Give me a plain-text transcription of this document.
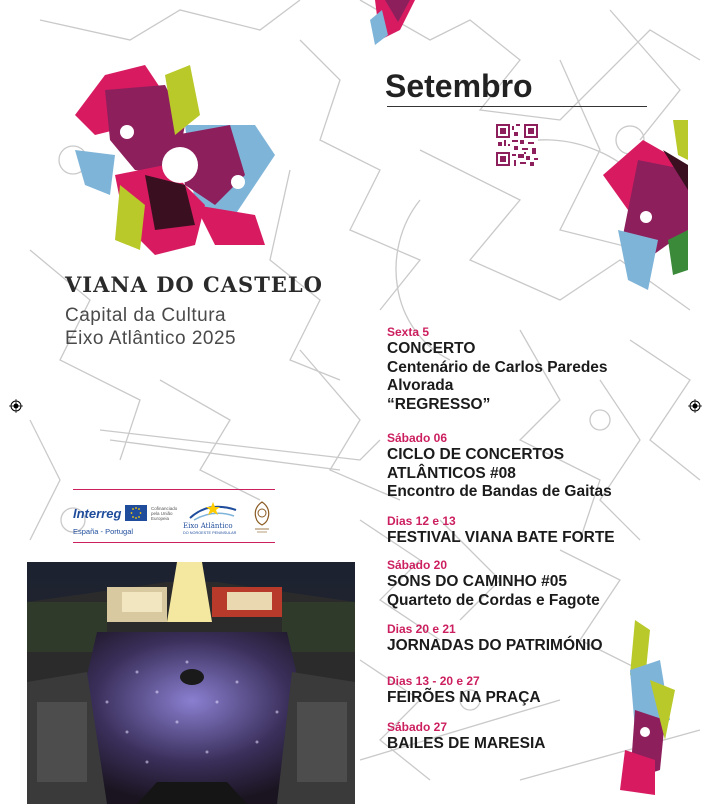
VIANA DO CASTELO
Capital da Cultura
Eixo Atlântico 2025
Setembro

Sexta 5

CONCERTO

Centenário de Carlos Paredes

Alvorada

“REGRESSO”

Sábado 06

CICLO DE CONCERTOS

ATLÂNTICOS #08

Encontro de Bandas de Gaitas

Dias 12 e 13

FESTIVAL VIANA BATE FORTE

Sábado 20

SONS DO CAMINHO #05

Quarteto de Cordas e Fagote

Dias 20 e 21

JORNADAS DO PATRIMÓNIO

Dias 13 - 20 e 27

FEIRÕES NA PRAÇA

Sábado 27

BAILES DE MARESIA

Interreg
España - Portugal
Cofinanciado pela União Europeia
Eixo Atlântico
DO NOROESTE PENINSULAR
